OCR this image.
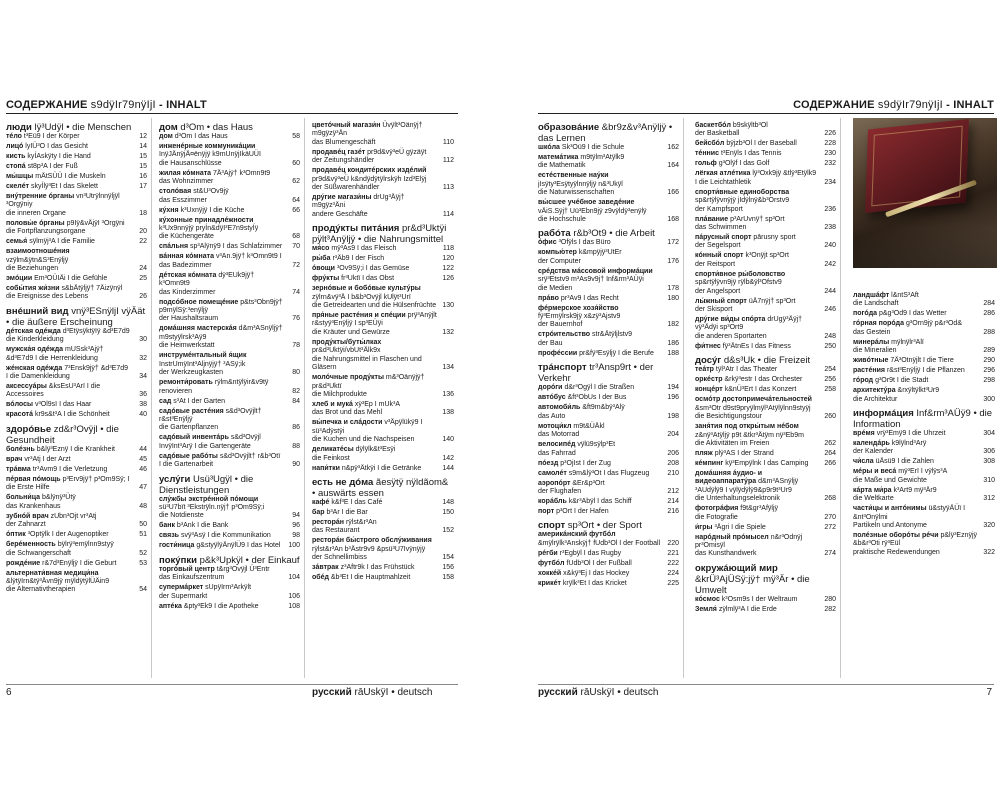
СОДЕРЖАНИЕ s9dÿIr79nÿIjI - INHALT
люди lÿ³Udÿl • die Menschen
тéло t³Eü9 I der Körper	12
лицó lyIÜ³O I das Gesicht	14
кисть kyÍAskÿty I die Hand	15
стопá st8p³A I der Fuß	15
мы́шцы mÄtSÜÜ I die Muskeln	16
скелéт skyÍlÿ³Et I das Skelett	17
внýтренние óрганы vn³Utrÿlnnÿljÿl ³Orgÿniy
die inneren Organe	18
половы́е óрганы p9Iÿ&vÄjÿI ³Orgÿni
die Fortpflanzungsorgane	20
семья́ sÿlmÿj³A I die Familie	22
взаимоотношéния vzÿlm&ÿtn&S³Enÿljÿ
die Beziehungen	24
эмóции Em³OÜIÄi I die Gefühle	25
собы́тия жи́зни s&bÄtÿljÿ† 7Äizÿnÿl
die Ereignisse des Lebens	26
внéшний вид vnÿ³ESnÿljI vÿÄät • die äußere Erscheinung
дéтская одéжда d³EtÿsÿktÿIÿ &d³E7d9
die Kinderkleidung	30
мужска́я одéжда mUSsk³Ajÿ† &d³E7d9 I die Herrenkleidung	32
жéнская одéжда 7³Ensk9jÿ† &d³E7d9 I die Damenkleidung	34
аксессуáры &ksEsU³Arï I die Accessoires	36
вóлосы v³Ol9sï I das Haar	38
красотá kr9s&t³A I die Schönheit	40
здорóвье zd&r³Ovÿjl • die Gesundheit
болéзнь b&lÿ³Eznÿ I die Krankheit	44
врач vr³Atj I der Arzt	45
трáвма tr³Avm9 I die Verletzung	46
пéрвая пóмощь p³Erv9jÿ† p³Om9Sÿ; I die Erste Hilfe	47
больни́ца b&lÿnÿ³Ütÿ
das Krankenhaus	48
зубнóй врач zUbn³Ojt vr³Atj
der Zahnarzt	50
óптик ³Optÿlk I der Augenoptiker	51
берéменность bÿlrÿ³emÿlnn9styÿ
die Schwangerschaft	52
рождéние r&7d³Enÿljÿ I die Geburt	53
альтернати́вная медици́на &lÿtÿIrn&tÿ³Ävn9jÿ mÿldÿtÿlÜÄin9
die Alternativtherapien	54
дом d³Om • das Haus
дом d³Om I das Haus	58
инженéрные коммуникáции InÿJÄnÿjÄ¤ënÿjÿ k9mUnÿjIkäUÜI
die Hausanschlüsse	60
жилая кóмната 7Ä³Ajÿ† k³Omn9t9
das Wohnzimmer	62
столóвая st&U³Ov9jÿ
das Esszimmer	64
кýхня k³Uxnÿjÿ I die Küche	66
кýхонные принадлéжности k³Ux9nnÿjÿ pryÍn&dÿI³E7n9styÍÿ
die Küchengeräte	68
спáльня sp³Alÿnÿ9 I das Schlafzimmer	70
вáнная кóмната v³An.9jÿ† k³Omn9t9 I das Badezimmer	72
дéтская кóмната dÿ³EUk9jÿ† k³Omn9t9
das Kinderzimmer	74
подсóбное помещéние p&ts³Obn9jÿ† p9mÿlSÿ:³enÿljÿ
der Haushaltsraum	76
домáшняя мастерскáя d&m³ASnÿljÿ† m9styÿlrsk³Aÿ9
die Heimwerkstatt	78
инструмéнтальный я́щик InstrUmÿInt³Aljnÿjÿ† ³ASÿ;ik
der Werkzeugkasten	80
ремонти́ровать rÿlm&ntÿlÿir&v9tÿ
renovieren	82
сад s³At I der Garten	84
садóвые растéния s&d³Ovÿjlt† r&st³Enÿljÿ
die Gartenpflanzen	86
садóвый инвентáрь s&d³Ovÿjl InvÿInt³Arÿ I die Gartengeräte	88
садóвые рабóты s&d³Ovÿjlt† r&b³Otï I die Gartenarbeit	90
услу́ги Usü³Ugÿl • die Dienstleistungen
слу́жбы экстрéнной пóмощи sü³U7bït ³Ekstrÿln.nÿj† p³Om9Sÿ;i
die Notdienste	94
банк b³Ank I die Bank	96
связь svÿ³Asÿ I die Kommunikation	98
гости́ница g&styÿlÿÄnÿlÜ9 I das Hotel	100
покýпки p&k³Upkÿl • der Einkauf
торгóвый центр t&rg³Ovÿjl Ü³Entr
das Einkaufszentrum	104
супермáркет sUpÿIrm³Arkÿlt
der Supermarkt	106
аптéка &pty³Ek9 I die Apotheke	108
цветóчный магази́н Üvÿlt³Oänÿj† m9gÿzÿ³Än
das Blumengeschäft	110
продавéц газéт pr9d&vÿ³eÜ gÿzäÿt
der Zeitungshändler	112
продавéц кондитéрских издéлий pr9d&vÿ³eÜ k&ndÿdÿtÿlrskÿh Izd³Elÿj
der Süßwarenhändler	113
дру́гие магази́ны drUg³Äÿj† m9gÿz³Äni
andere Geschäfte	114
продýкты питáния pr&d³Uktÿi pÿlt³Anÿljÿ • die Nahrungsmittel
мя́со mÿ³As9 I das Fleisch	118
ры́ба r³Äb9 I der Fisch	120
óвощи ³Ov9Sÿ;i I das Gemüse	122
фрýкты fr³Uktï I das Obst	126
зернóвые и бобóвые культýры zÿlrn&vÿ³Ä I b&b³Ovÿjl kUlÿt³Urï
die Getreidearten und die Hülsenfrüchte 130
пря́ные растéния и спéции prÿ³Anÿjlt r&styÿ³Enÿljÿ I sp³EÜÿi
die Kräuter und Gewürze	132
продýкты/буты́лках pr&d³Uktÿi/vbUt³Älk9x
die Nahrungsmittel in Flaschen und Gläsern	134
молóчные продýкты m&³Oänÿjÿ† pr&d³Uktï
die Milchprodukte	136
хлеб и мукá xÿ³Ep I mUk³A
das Brot und das Mehl	138
вы́печка и слáдости v³Äpÿlükÿ9 I sü³Adÿstÿi
die Kuchen und die Nachspeisen	140
деликатéсы dÿlÿlk&t³Esÿi
die Feinkost	142
напи́тки n&pÿ³Ätkÿi I die Getränke	144
есть не дóма ãesÿtÿ nÿldãom& • auswärts essen
кафé k&f³E I das Café	148
бар b³Ar I die Bar	150
ресторáн rÿlst&r³An
das Restaurant	152
ресторáн бы́строго обслу́живания rÿlst&r³An b³Ästr9v9 &psü³U7Ivÿnÿjÿ
der Schnellimbiss	154
зáвтрак z³Aftr9k I das Frühstück	156
обéд &b³Et I die Hauptmahlzeit	158
6	русский rāUskÿI • deutsch
СОДЕРЖАНИЕ s9dÿIr79nÿIjI - INHALT
образовáние &br9z&v³Anÿljÿ • das Lernen
шкóла Sk³Oü9 I die Schule	162
матемáтика m9tÿlm³Atÿlk9
die Mathematik	164
естéственные нау́ки jIsÿty³Esÿtyÿlnnÿljÿ n&³Ukÿl
die Naturwissenschaften	166
вы́сшее учéбное заведéние vÄiS.Sÿj† Uü³Ebn9jÿ z9vÿldÿ³enÿlÿ
die Hochschule	168
рабóта r&b³Ot9 • die Arbeit
óфис ³Ofÿls I das Büro	172
компью́тер k&mpÿjÿ³UtEr
der Computer	176
срéдства мáссовой информáции srÿ³Etstv9 m³As9v9j† Inf&rm³AÜÿi
die Medien	178
прáво pr³Av9 I das Recht	180
фéрмерское хозя́йство fÿ³Ermÿlrsk9jÿ x&zÿ³Ajstv9
der Bauernhof	182
стрóительство str&Ätÿljlstv9
der Bau	186
профéссии pr&fÿ³Esÿljÿ I die Berufe	188
трáнспорт tr³Ansp9rt • der Verkehr
дорóги d&r³Ogÿl I die Straßen	194
автóбус &ft³ObUs I der Bus	196
автомоби́ль &ft9m&bÿ³Alÿ
das Auto	198
мотоци́кл m9t&ÜÄkl
das Motorrad	204
велосипéд vÿlü9sÿlp³Et
das Fahrrad	206
пóезд p³OjIst I der Zug	208
самолéт s9m&lÿ³Ot I das Flugzeug	210
аэропóрт &Er&p³Ort
der Flughafen	212
корáбль k&r³Abÿl I das Schiff	214
порт p³Ort I der Hafen	216
спорт sp³Ort • der Sport
америкáнский футбóл &mÿlrÿlk³Anskÿj† fUdb³Ol I der Football	220
рéгби r³Egbÿl I das Rugby	221
футбóл fUdb³Ol I der Fußball	222
хоккéй x&kÿ³Ej I das Hockey	224
крикéт krÿlk³Et I das Kricket	225
баскетбóл b9skÿltb³Ol
der Basketball	226
бейсбóл bÿjzb³Ol I der Baseball	228
тéннис t³Enÿls I das Tennis	230
гольф g³Olÿf I das Golf	232
лёгкая атлéтика lÿ³Oxk9jÿ &tlÿ³Etÿlk9 I die Leichtathletik	234
спорти́вные единоборствa sp&rtÿlÿvnÿjÿ jIdÿlnÿ&b³Orstv9
der Kampfsport	236
плáвание p³ArUvnÿ† sp³Ort
das Schwimmen	238
пáрусный спорт pārusny sport
der Segelsport	240
кóнный спорт k³Onÿjt sp³Ort
der Reitsport	242
спорти́вное ры́боловство sp&rtÿlÿvn9jÿ rÿlb&ÿl³Ofstv9
der Angelsport	244
лы́жный спорт üÄ7nÿj† sp³Ort
der Skisport	246
дру́гие ви́ды спóрта drUgÿ³Äÿj† vÿ³Ädÿi sp³Ort9
die anderen Sportarten	248
фи́тнес fÿ³ÄtnEs I das Fitness	250
досýг d&s³Uk • die Freizeit
теáтр tÿl³Atr I das Theater	254
оркéстр &rkÿ³estr I das Orchester	256
концéрт k&nÜ³Ert I das Konzert	258
осмóтр достопримечáтельностей &sm³Otr d9st9pryÿlmÿl³Atÿlÿlnn9styÿj
die Besichtigungstour	260
заня́тия под откры́тым нéбом z&nÿ³Atÿljÿ p9t &tkr³Ätÿm nÿ³Eb9m
die Aktivitäten im Freien	262
пляж plÿ³AS I der Strand	264
кéмпинг kÿ³Empÿlnk I das Camping	266
домáшняя áудио- и видеоаппаратýра d&m³ASnÿljÿ ³AUdÿlÿ9 I vÿlÿdÿlÿ9&p9r9t³Ur9
die Unterhaltungselektronik	268
фотогрáфия f9t&gr³Afÿljÿ
die Fotografie	270
и́гры ³Ägri I die Spiele	272
нарóдный прóмысел n&r³Odnÿj pr³Omisÿl
das Kunsthandwerk	274
окружáющий мир &krÜ³AjÜSÿ:jÿ† mÿ³Är • die Umwelt
кóсмос k³Osm9s I der Weltraum	280
Земля́ zÿlmlÿ³A I die Erde	282
ландшáфт l&ntS³Aft
die Landschaft	284
погóда p&g³Od9 I das Wetter	286
гóрная порóда g³Orn9jÿ p&r³Od&
das Gestein	288
минерáлы mÿlnÿlr³Alï
die Mineralien	289
живóтные 7Ä³Otnÿjlt I die Tiere	290
растéния r&st³Enÿljÿ I die Pflanzen	296
гóрод g³Or9t I die Stadt	298
архитектýра &rxÿltÿlkt³Ur9
die Architektur	300
информáция Inf&rm³AÜÿ9 • die Information
врéмя vrÿ³Emÿ9 I die Uhrzeit	304
календáрь k9lÿlnd³Arÿ
der Kalender	306
чи́сла üÄsü9 I die Zahlen	308
мéры и весá mÿ³Erï I vÿlÿs³A
die Maße und Gewichte	310
кáрта ми́ра k³Art9 mÿ³Är9
die Weltkarte	312
части́цы и антóнимы ü&styÿÄÜï I &nt³Onÿlmi
Partikeln und Antonyme	320
полéзные оборóты рéчи p&lÿ³Eznÿjÿ &b&r³Oti rÿ³Eül
praktische Redewendungen	322
русский rāUskÿI • deutsch	7
